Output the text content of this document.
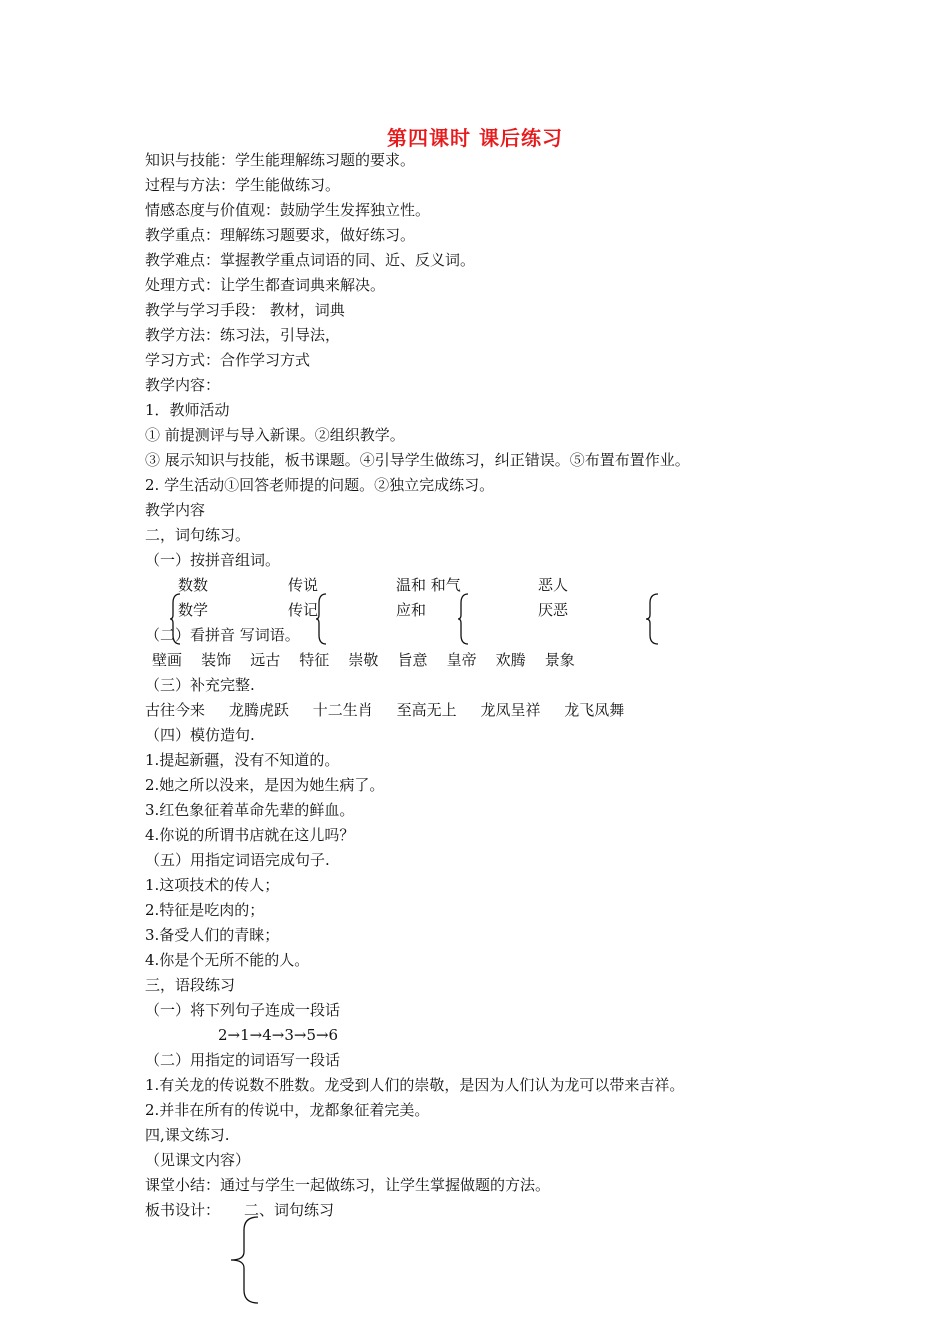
第四课时 课后练习
知识与技能：学生能理解练习题的要求。
过程与方法：学生能做练习。
情感态度与价值观：鼓励学生发挥独立性。
教学重点：理解练习题要求，做好练习。
教学难点：掌握教学重点词语的同、近、反义词。
处理方式：让学生都查词典来解决。
教学与学习手段： 教材，词典
教学方法：练习法，引导法，
学习方式：合作学习方式
教学内容：
1．教师活动
① 前提测评与导入新课。②组织教学。
③ 展示知识与技能，板书课题。④引导学生做练习，纠正错误。⑤布置布置作业。
2. 学生活动①回答老师提的问题。②独立完成练习。
教学内容
二，词句练习。
（一）按拼音组词。
数数	传说	温和 和气	恶人
数学	传记	应和	厌恶
（二）看拼音 写词语。
壁画 装饰 远古 特征 崇敬 旨意 皇帝 欢腾 景象
（三）补充完整.
古往今来 龙腾虎跃 十二生肖 至高无上 龙凤呈祥 龙飞凤舞
（四）模仿造句.
1.提起新疆，没有不知道的。
2.她之所以没来，是因为她生病了。
3.红色象征着革命先辈的鲜血。
4.你说的所谓书店就在这儿吗？
（五）用指定词语完成句子.
1.这项技术的传人；
2.特征是吃肉的；
3.备受人们的青睐；
4.你是个无所不能的人。
三，语段练习
（一）将下列句子连成一段话
2→1→4→3→5→6
（二）用指定的词语写一段话
1.有关龙的传说数不胜数。龙受到人们的崇敬，是因为人们认为龙可以带来吉祥。
2.并非在所有的传说中，龙都象征着完美。
四,课文练习.
（见课文内容）
课堂小结：通过与学生一起做练习，让学生掌握做题的方法。
板书设计： 二、词句练习
